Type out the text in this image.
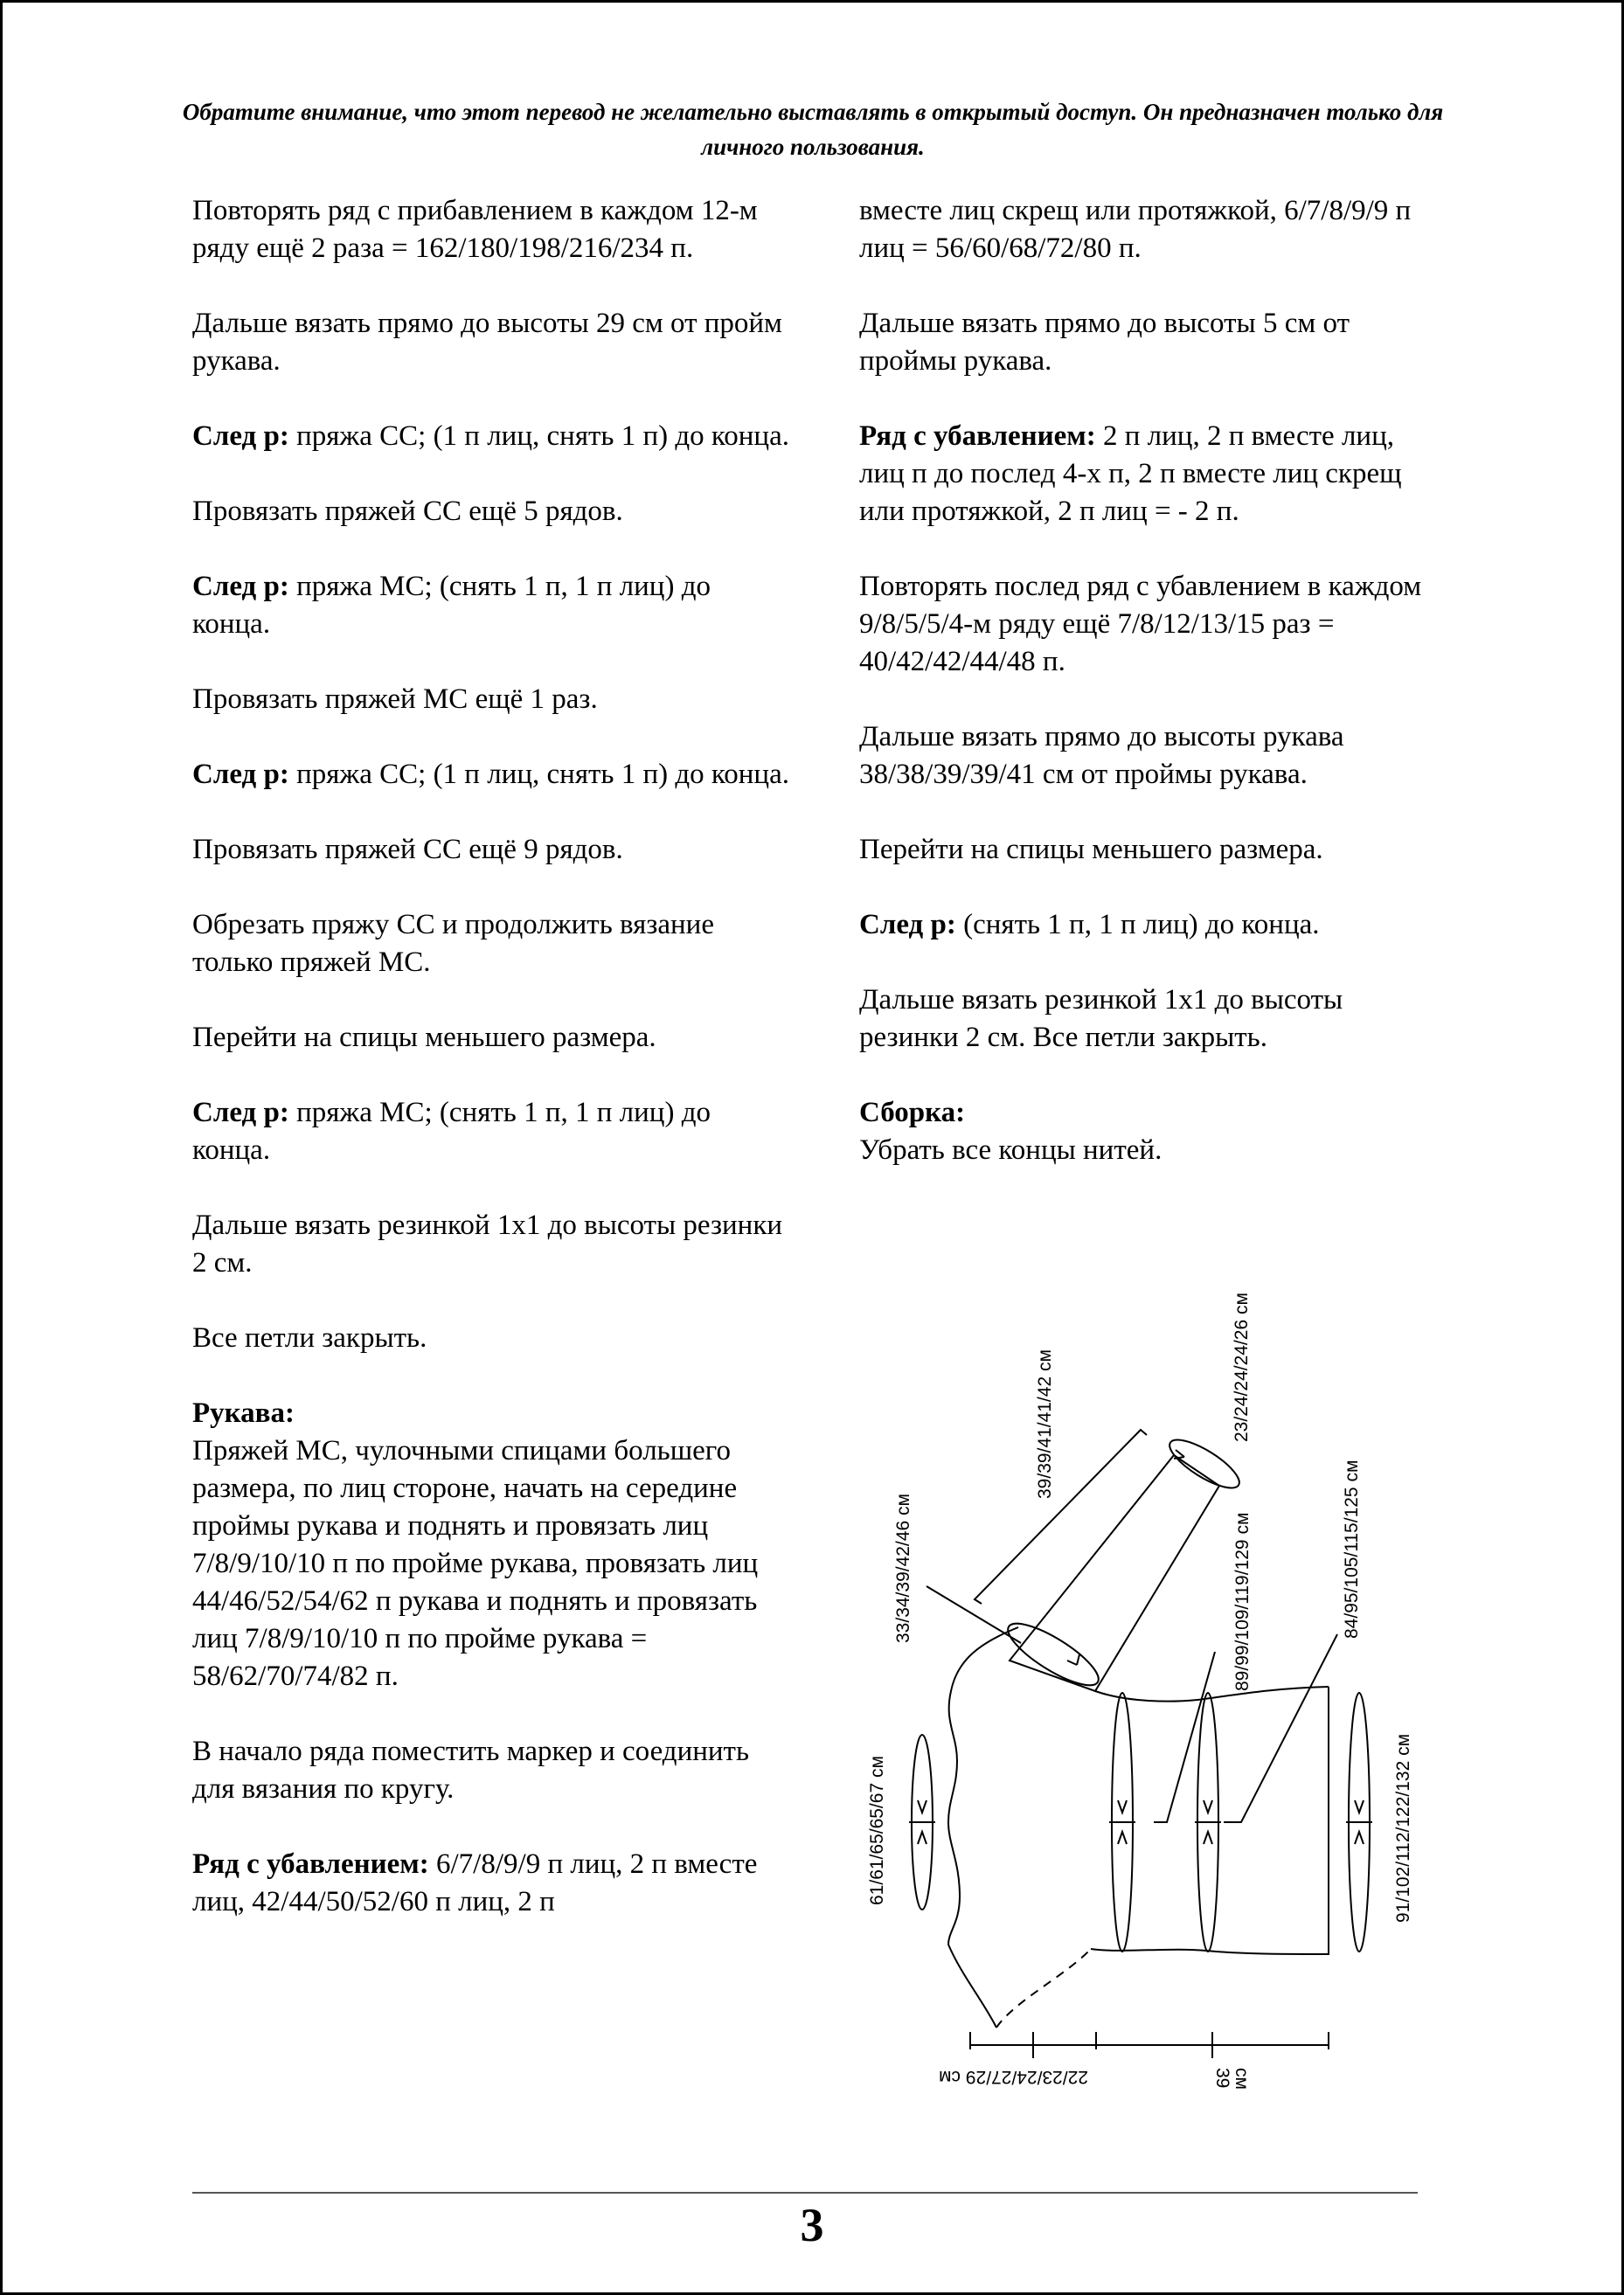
Обратите внимание, что этот перевод не желательно выставлять в открытый доступ. Он предназначен только для личного пользования.

Повторять ряд с прибавлением в каждом 12-м ряду ещё 2 раза = 162/180/198/216/234 п.

Дальше вязать прямо до высоты 29 см от пройм рукава.

След р: пряжа СС; (1 п лиц, снять 1 п) до конца.

Провязать пряжей СС ещё 5 рядов.

След р: пряжа МС; (снять 1 п, 1 п лиц) до конца.

Провязать пряжей МС ещё 1 раз.

След р: пряжа СС; (1 п лиц, снять 1 п) до конца.

Провязать пряжей СС ещё 9 рядов.

Обрезать пряжу СС и продолжить вязание только пряжей МС.

Перейти на спицы меньшего размера.

След р: пряжа МС; (снять 1 п, 1 п лиц) до конца.

Дальше вязать резинкой 1х1 до высоты резинки 2 см.

Все петли закрыть.

Рукава:
Пряжей МС, чулочными спицами большего размера, по лиц стороне, начать на середине проймы рукава и поднять и провязать лиц 7/8/9/10/10 п по пройме рукава, провязать лиц 44/46/52/54/62 п рукава и поднять и провязать лиц 7/8/9/10/10 п по пройме рукава = 58/62/70/74/82 п.

В начало ряда поместить маркер и соединить для вязания по кругу.

Ряд с убавлением: 6/7/8/9/9 п лиц, 2 п вместе лиц, 42/44/50/52/60 п лиц, 2 п

вместе лиц скрещ или протяжкой, 6/7/8/9/9 п лиц = 56/60/68/72/80 п.

Дальше вязать прямо до высоты 5 см от проймы рукава.

Ряд с убавлением: 2 п лиц, 2 п вместе лиц, лиц п до послед 4-х п, 2 п вместе лиц скрещ или протяжкой, 2 п лиц = - 2 п.

Повторять послед ряд с убавлением в каждом 9/8/5/5/4-м ряду ещё 7/8/12/13/15 раз = 40/42/42/44/48 п.

Дальше вязать прямо до высоты рукава 38/38/39/39/41 см от проймы рукава.

Перейти на спицы меньшего размера.

След р: (снять 1 п, 1 п лиц) до конца.

Дальше вязать резинкой 1х1 до высоты резинки 2 см. Все петли закрыть.

Сборка:
Убрать все концы нитей.

39/39/41/41/42 см	23/24/24/24/26 см
33/34/39/42/46 см	89/99/109/119/129 см	84/95/105/115/125 см
61/61/65/65/67 см	91/102/112/122/132 см
22/23/24/27/29 см	39 см
3
